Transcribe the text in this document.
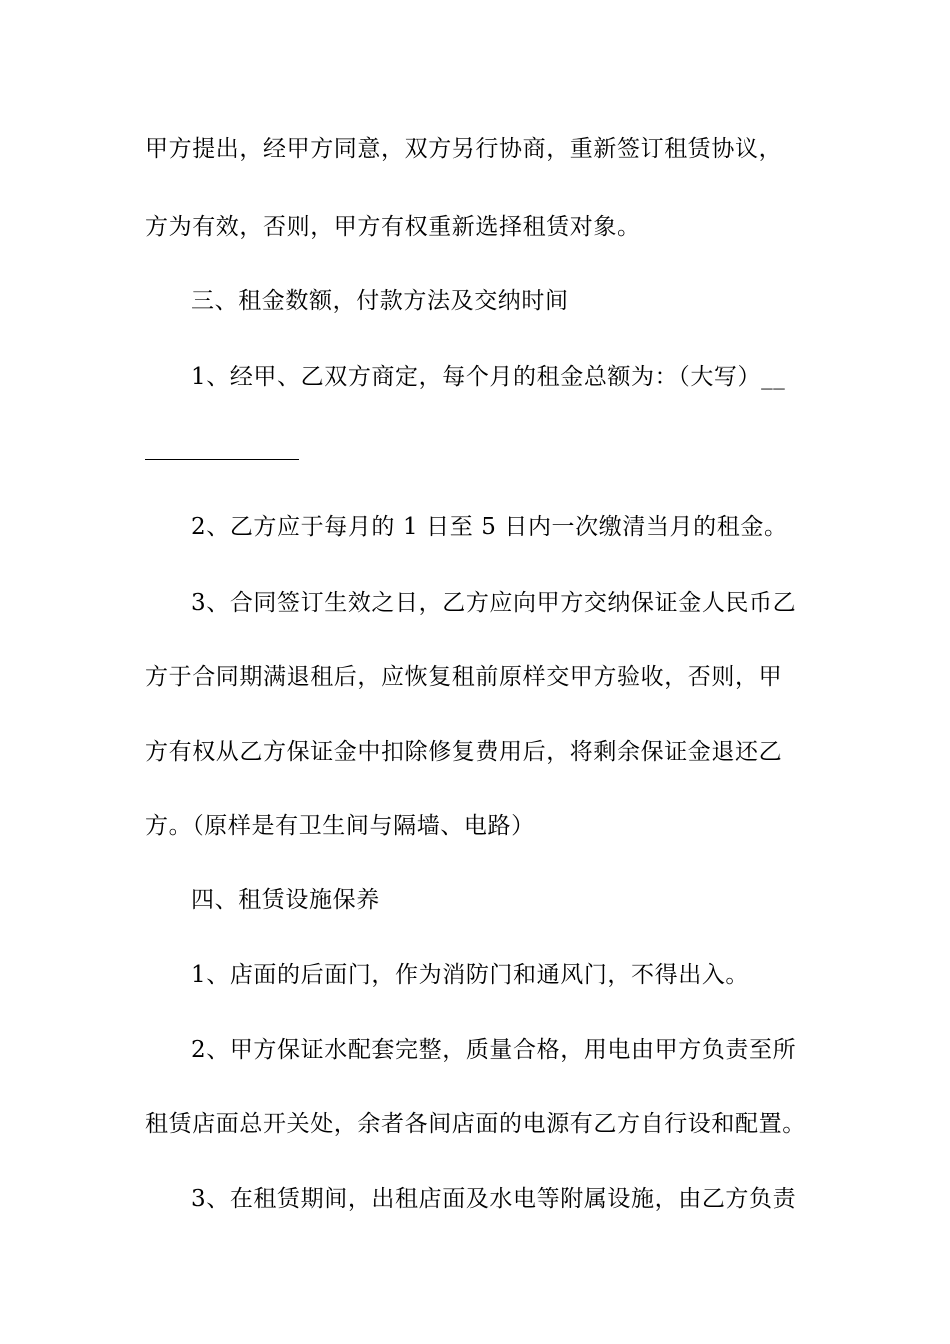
甲方提出，经甲方同意，双方另行协商，重新签订租赁协议，
方为有效，否则，甲方有权重新选择租赁对象。
三、租金数额，付款方法及交纳时间
1、经甲、乙双方商定，每个月的租金总额为：（大写）__
2、乙方应于每月的 1 日至 5 日内一次缴清当月的租金。
3、合同签订生效之日，乙方应向甲方交纳保证金人民币乙
方于合同期满退租后，应恢复租前原样交甲方验收，否则，甲
方有权从乙方保证金中扣除修复费用后，将剩余保证金退还乙
方。（原样是有卫生间与隔墙、电路）
四、租赁设施保养
1、店面的后面门，作为消防门和通风门，不得出入。
2、甲方保证水配套完整，质量合格，用电由甲方负责至所
租赁店面总开关处，余者各间店面的电源有乙方自行设和配置。
3、在租赁期间，出租店面及水电等附属设施，由乙方负责
